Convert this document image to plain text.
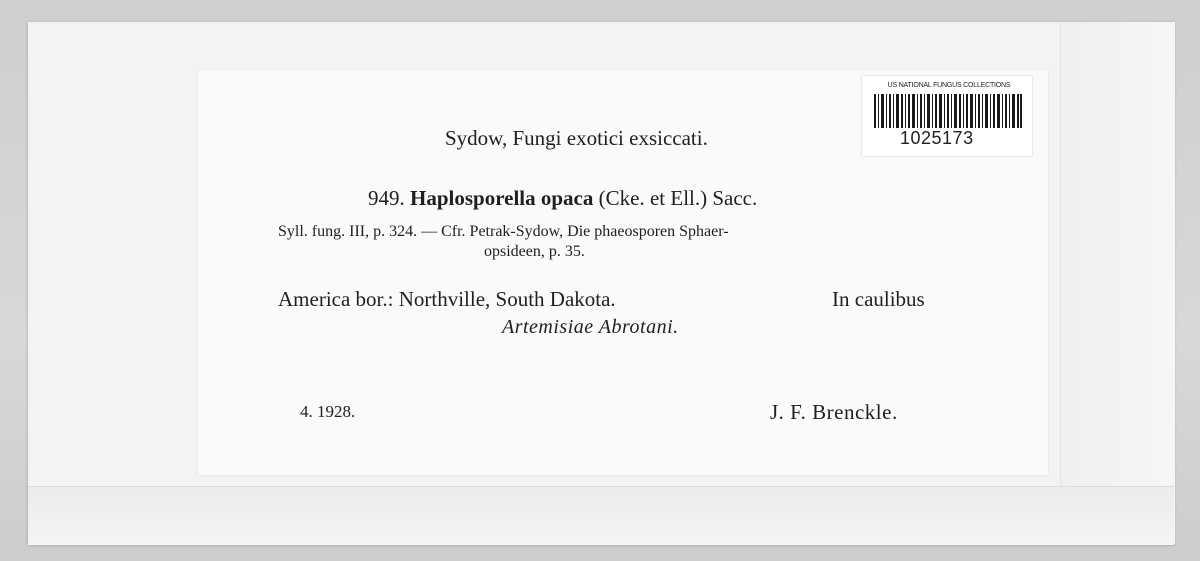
Sydow, Fungi exotici exsiccati.
949. Haplosporella opaca (Cke. et Ell.) Sacc.
Syll. fung. III, p. 324. — Cfr. Petrak-Sydow, Die phaeosporen Sphaer-
opsideen, p. 35.
America bor.: Northville, South Dakota.	In caulibus
Artemisiae Abrotani.
4. 1928.	J. F. Brenckle.
US NATIONAL FUNGUS COLLECTIONS
1025173
